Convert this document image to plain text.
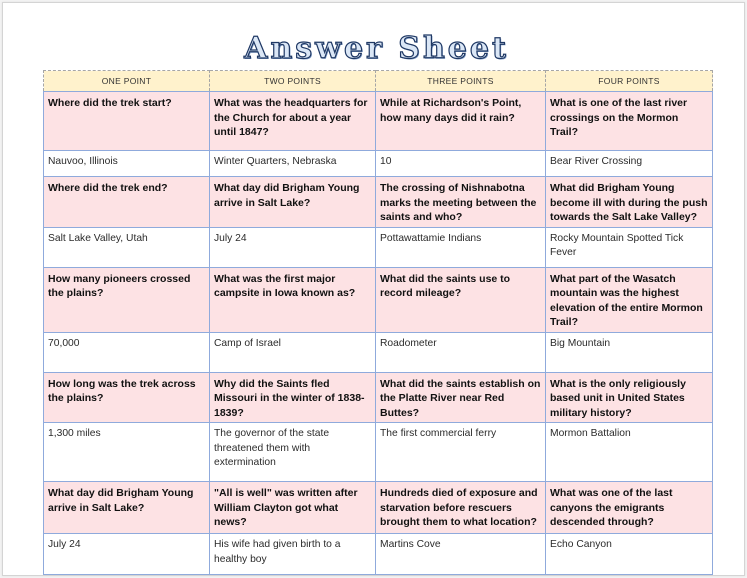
Answer Sheet
ONE POINT	TWO POINTS	THREE POINTS	FOUR POINTS
Where did the trek start?	What was the headquarters for the Church for about a year until 1847?	While at Richardson's Point, how many days did it rain?	What is one of the last river crossings on the Mormon Trail?
Nauvoo, Illinois	Winter Quarters, Nebraska	10	Bear River Crossing
Where did the trek end?	What day did Brigham Young arrive in Salt Lake?	The crossing of Nishnabotna marks the meeting between the saints and who?	What did Brigham Young become ill with during the push towards the Salt Lake Valley?
Salt Lake Valley, Utah	July 24	Pottawattamie Indians	Rocky Mountain Spotted Tick Fever
How many pioneers crossed the plains?	What was the first major campsite in Iowa known as?	What did the saints use to record mileage?	What part of the Wasatch mountain was the highest elevation of the entire Mormon Trail?
70,000	Camp of Israel	Roadometer	Big Mountain
How long was the trek across the plains?	Why did the Saints fled Missouri in the winter of 1838-1839?	What did the saints establish on the Platte River near Red Buttes?	What is the only religiously based unit in United States military history?
1,300 miles	The governor of the state threatened them with extermination	The first commercial ferry	Mormon Battalion
What day did Brigham Young arrive in Salt Lake?	"All is well" was written after William Clayton got what news?	Hundreds died of exposure and starvation before rescuers brought them to what location?	What was one of the last canyons the emigrants descended through?
July 24	His wife had given birth to a healthy boy	Martins Cove	Echo Canyon
